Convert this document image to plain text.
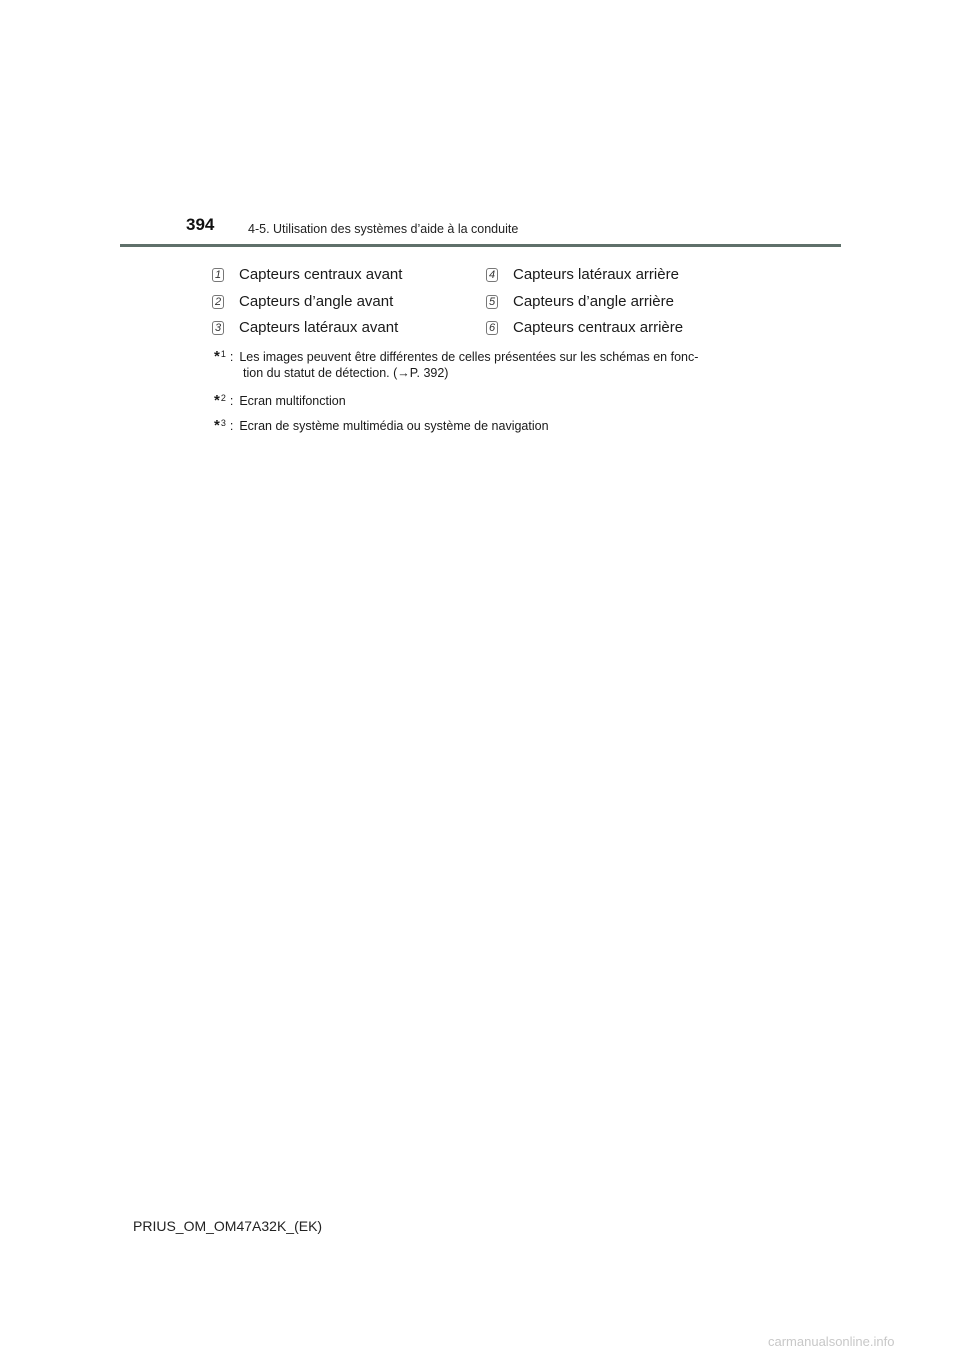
394	4-5. Utilisation des systèmes d’aide à la conduite
1 Capteurs centraux avant
2 Capteurs d’angle avant
3 Capteurs latéraux avant
4 Capteurs latéraux arrière
5 Capteurs d’angle arrière
6 Capteurs centraux arrière
*$^1$ : Les images peuvent être différentes de celles présentées sur les schémas en fonc-
tion du statut de détection. (→P. 392)
*$^2$ : Ecran multifonction
*$^3$ : Ecran de système multimédia ou système de navigation
PRIUS_OM_OM47A32K_(EK)
carmanualsonline.info
